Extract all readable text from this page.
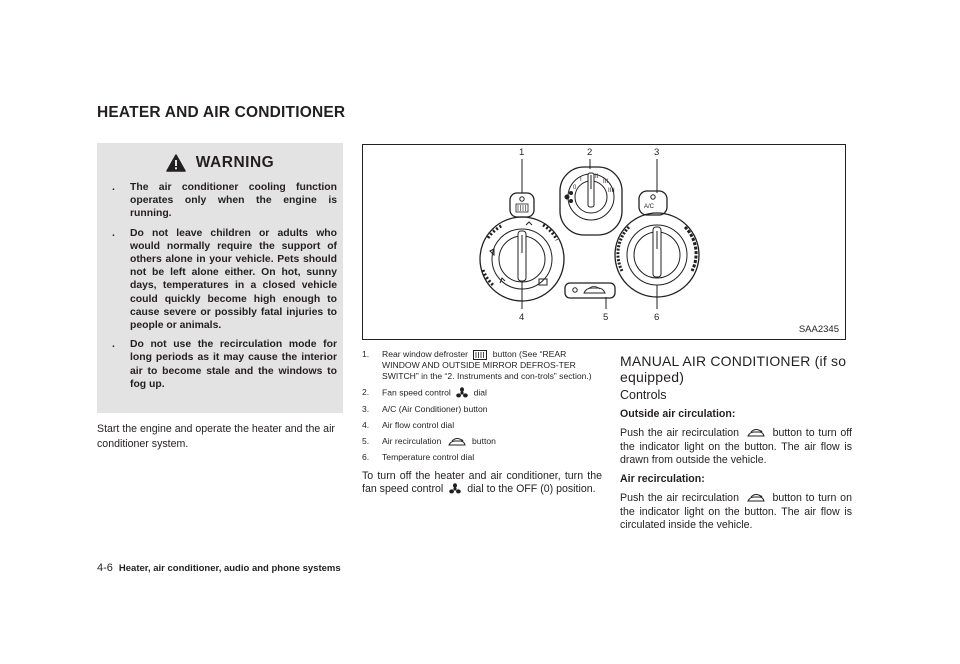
HEATER AND AIR CONDITIONER
WARNING
. The air conditioner cooling function operates only when the engine is running.
. Do not leave children or adults who would normally require the support of others alone in your vehicle. Pets should not be left alone either. On hot, sunny days, temperatures in a closed vehicle could quickly become high enough to cause severe or possibly fatal injuries to people or animals.
. Do not use the recirculation mode for long periods as it may cause the interior air to become stale and the windows to fog up.
Start the engine and operate the heater and the air conditioner system.
1	2	3
4	5	6
0
I II
III
IIII
A/C
SAA2345
1. Rear window defroster	button (See “REAR WINDOW AND OUTSIDE MIRROR DEFROS-TER SWITCH” in the “2. Instruments and con-trols” section.)
2. Fan speed control	dial
3. A/C (Air Conditioner) button
4. Air flow control dial
5. Air recirculation	button
6. Temperature control dial
To turn off the heater and air conditioner, turn the fan speed control dial to the OFF (0) position.
MANUAL AIR CONDITIONER (if so equipped)
Controls
Outside air circulation:
Push the air recirculation	button to turn off the indicator light on the button. The air flow is drawn from outside the vehicle.
Air recirculation:
Push the air recirculation	button to turn on the indicator light on the button. The air flow is circulated inside the vehicle.
4-6 Heater, air conditioner, audio and phone systems
